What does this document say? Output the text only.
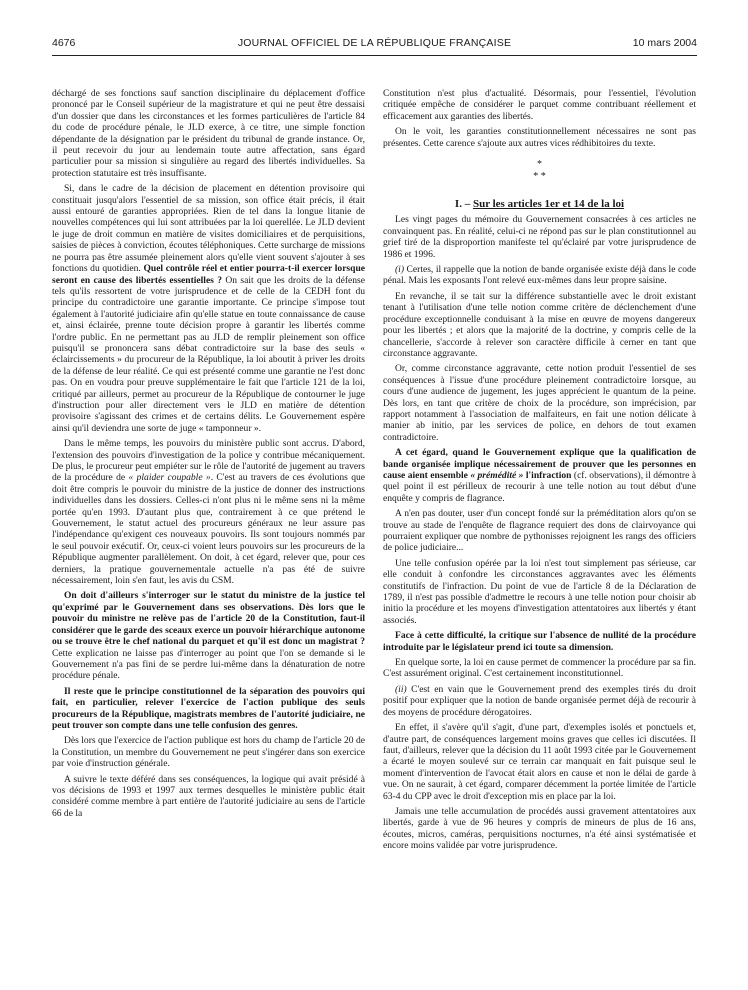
4676	JOURNAL OFFICIEL DE LA RÉPUBLIQUE FRANÇAISE	10 mars 2004

déchargé de ses fonctions sauf sanction disciplinaire du déplacement d'office prononcé par le Conseil supérieur de la magistrature et qui ne peut être dessaisi d'un dossier que dans les circonstances et les formes particulières de l'article 84 du code de procédure pénale, le JLD exerce, à ce titre, une simple fonction dépendante de la désignation par le président du tribunal de grande instance. Or, il peut recevoir du jour au lendemain toute autre affectation, sans égard particulier pour sa mission si singulière au regard des libertés individuelles. Sa protection statutaire est très insuffisante.

Si, dans le cadre de la décision de placement en détention provisoire qui constituait jusqu'alors l'essentiel de sa mission, son office était précis, il était aussi entouré de garanties appropriées. Rien de tel dans la longue litanie de nouvelles compétences qui lui sont attribuées par la loi querellée. Le JLD devient le juge de droit commun en matière de visites domiciliaires et de perquisitions, saisies de pièces à conviction, écoutes téléphoniques. Cette surcharge de missions ne pourra pas être assumée pleinement alors qu'elle vient souvent s'ajouter à ses fonctions du quotidien. Quel contrôle réel et entier pourra-t-il exercer lorsque seront en cause des libertés essentielles ? On sait que les droits de la défense tels qu'ils ressortent de votre jurisprudence et de celle de la CEDH font du principe du contradictoire une garantie importante. Ce principe s'impose tout également à l'autorité judiciaire afin qu'elle statue en toute connaissance de cause et, ainsi éclairée, prenne toute décision propre à garantir les libertés comme l'ordre public. En ne permettant pas au JLD de remplir pleinement son office puisqu'il se prononcera sans débat contradictoire sur la base des seuls « éclaircissements » du procureur de la République, la loi aboutit à priver les droits de la défense de leur réalité. Ce qui est présenté comme une garantie ne l'est donc pas. On en voudra pour preuve supplémentaire le fait que l'article 121 de la loi, critiqué par ailleurs, permet au procureur de la République de contourner le juge d'instruction pour aller directement vers le JLD en matière de détention provisoire s'agissant des crimes et de certains délits. Le Gouvernement espère ainsi qu'il deviendra une sorte de juge « tamponneur ».

Dans le même temps, les pouvoirs du ministère public sont accrus. D'abord, l'extension des pouvoirs d'investigation de la police y contribue mécaniquement. De plus, le procureur peut empiéter sur le rôle de l'autorité de jugement au travers de la procédure de « plaider coupable ». C'est au travers de ces évolutions que doit être compris le pouvoir du ministre de la justice de donner des instructions individuelles dans les dossiers. Celles-ci n'ont plus ni le même sens ni la même portée qu'en 1993. D'autant plus que, contrairement à ce que prétend le Gouvernement, le statut actuel des procureurs généraux ne leur assure pas l'indépendance qu'exigent ces nouveaux pouvoirs. Ils sont toujours nommés par le seul pouvoir exécutif. Or, ceux-ci voient leurs pouvoirs sur les procureurs de la République augmenter parallèlement. On doit, à cet égard, relever que, pour ces derniers, la pratique gouvernementale actuelle n'a pas été de suivre nécessairement, loin s'en faut, les avis du CSM.

On doit d'ailleurs s'interroger sur le statut du ministre de la justice tel qu'exprimé par le Gouvernement dans ses observations. Dès lors que le pouvoir du ministre ne relève pas de l'article 20 de la Constitution, faut-il considérer que le garde des sceaux exerce un pouvoir hiérarchique autonome ou se trouve être le chef national du parquet et qu'il est donc un magistrat ? Cette explication ne laisse pas d'interroger au point que l'on se demande si le Gouvernement n'a pas fini de se perdre lui-même dans la dénaturation de notre procédure pénale.

Il reste que le principe constitutionnel de la séparation des pouvoirs qui fait, en particulier, relever l'exercice de l'action publique des seuls procureurs de la République, magistrats membres de l'autorité judiciaire, ne peut trouver son compte dans une telle confusion des genres.

Dès lors que l'exercice de l'action publique est hors du champ de l'article 20 de la Constitution, un membre du Gouvernement ne peut s'ingérer dans son exercice par voie d'instruction générale.

A suivre le texte déféré dans ses conséquences, la logique qui avait présidé à vos décisions de 1993 et 1997 aux termes desquelles le ministère public était considéré comme membre à part entière de l'autorité judiciaire au sens de l'article 66 de la

Constitution n'est plus d'actualité. Désormais, pour l'essentiel, l'évolution critiquée empêche de considérer le parquet comme contribuant réellement et efficacement aux garanties des libertés.

On le voit, les garanties constitutionnellement nécessaires ne sont pas présentes. Cette carence s'ajoute aux autres vices rédhibitoires du texte.

*
* *

I. – Sur les articles 1er et 14 de la loi

Les vingt pages du mémoire du Gouvernement consacrées à ces articles ne convainquent pas. En réalité, celui-ci ne répond pas sur le plan constitutionnel au grief tiré de la disproportion manifeste tel qu'éclairé par votre jurisprudence de 1986 et 1996.

(i) Certes, il rappelle que la notion de bande organisée existe déjà dans le code pénal. Mais les exposants l'ont relevé eux-mêmes dans leur propre saisine.

En revanche, il se tait sur la différence substantielle avec le droit existant tenant à l'utilisation d'une telle notion comme critère de déclenchement d'une procédure exceptionnelle conduisant à la mise en œuvre de moyens dangereux pour les libertés ; et alors que la majorité de la doctrine, y compris celle de la chancellerie, s'accorde à relever son caractère difficile à cerner en tant que circonstance aggravante.

Or, comme circonstance aggravante, cette notion produit l'essentiel de ses conséquences à l'issue d'une procédure pleinement contradictoire lorsque, au cours d'une audience de jugement, les juges apprécient le quantum de la peine. Dès lors, en tant que critère de choix de la procédure, son imprécision, par rapport notamment à l'association de malfaiteurs, en fait une notion délicate à manier ab initio, par les services de police, en dehors de tout examen contradictoire.

A cet égard, quand le Gouvernement explique que la qualification de bande organisée implique nécessairement de prouver que les personnes en cause aient ensemble « prémédité » l'infraction (cf. observations), il démontre à quel point il est périlleux de recourir à une telle notion au tout début d'une enquête y compris de flagrance.

A n'en pas douter, user d'un concept fondé sur la préméditation alors qu'on se trouve au stade de l'enquête de flagrance requiert des dons de clairvoyance qui pourraient expliquer que nombre de pythonisses rejoignent les rangs des officiers de police judiciaire...

Une telle confusion opérée par la loi n'est tout simplement pas sérieuse, car elle conduit à confondre les circonstances aggravantes avec les éléments constitutifs de l'infraction. Du point de vue de l'article 8 de la Déclaration de 1789, il n'est pas possible d'admettre le recours à une telle notion pour choisir ab initio la procédure et les moyens d'investigation attentatoires aux libertés y étant associés.

Face à cette difficulté, la critique sur l'absence de nullité de la procédure introduite par le législateur prend ici toute sa dimension.

En quelque sorte, la loi en cause permet de commencer la procédure par sa fin. C'est assurément original. C'est certainement inconstitutionnel.

(ii) C'est en vain que le Gouvernement prend des exemples tirés du droit positif pour expliquer que la notion de bande organisée permet déjà de recourir à des moyens de procédure dérogatoires.

En effet, il s'avère qu'il s'agit, d'une part, d'exemples isolés et ponctuels et, d'autre part, de conséquences largement moins graves que celles ici discutées. Il faut, d'ailleurs, relever que la décision du 11 août 1993 citée par le Gouvernement a écarté le moyen soulevé sur ce terrain car manquait en fait puisque seul le moment d'intervention de l'avocat était alors en cause et non le délai de garde à vue. On ne saurait, à cet égard, comparer décemment la portée limitée de l'article 63-4 du CPP avec le droit d'exception mis en place par la loi.

Jamais une telle accumulation de procédés aussi gravement attentatoires aux libertés, garde à vue de 96 heures y compris de mineurs de plus de 16 ans, écoutes, micros, caméras, perquisitions nocturnes, n'a été ainsi systématisée et encore moins validée par votre jurisprudence.
